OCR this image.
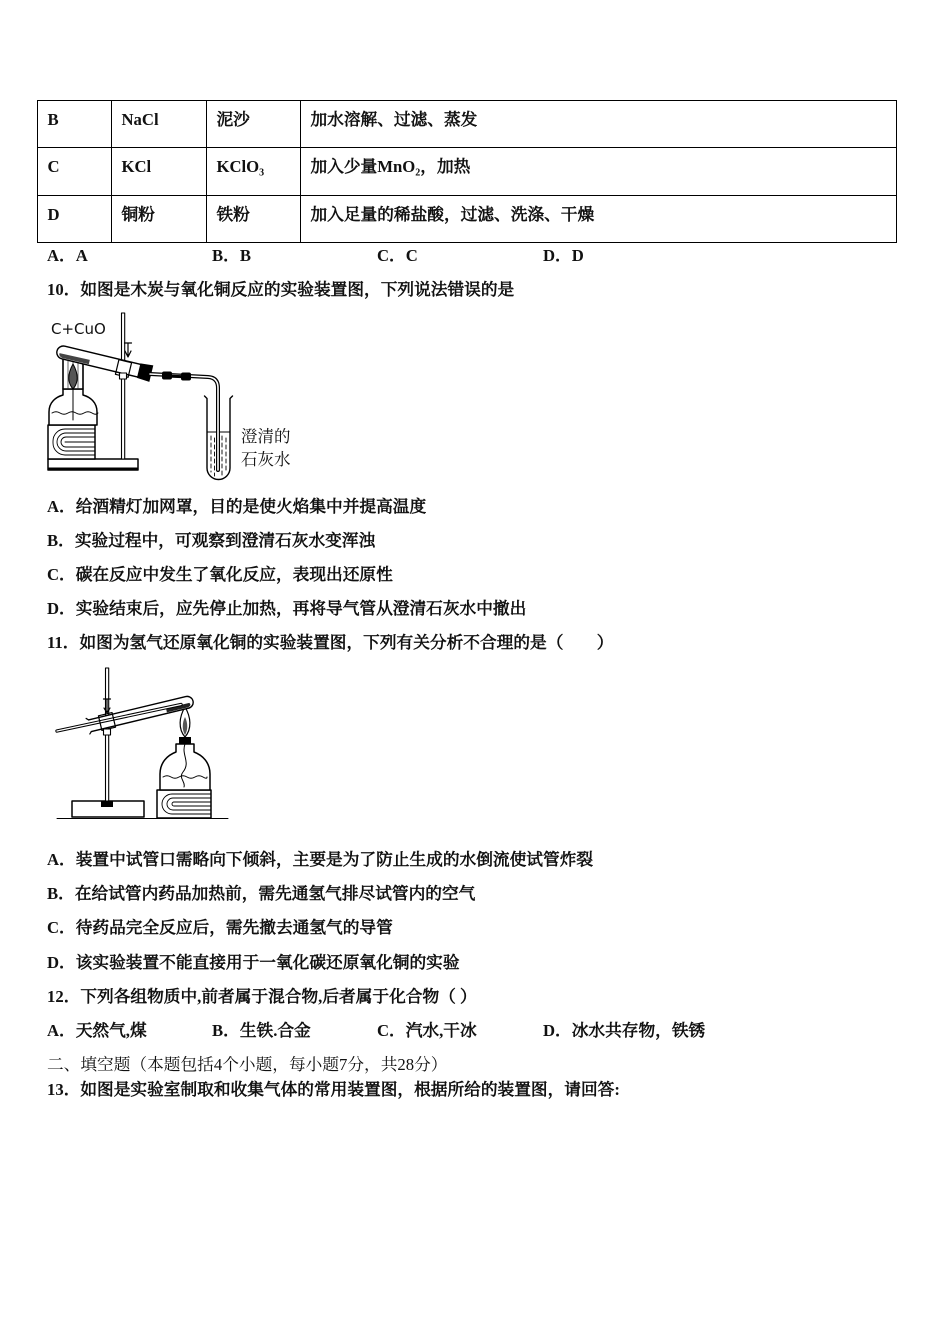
B	NaCl	泥沙	加水溶解、过滤、蒸发
C	KCl	KClO₃	加入少量MnO₂，加热
D	铜粉	铁粉	加入足量的稀盐酸，过滤、洗涤、干燥
A．A	B．B	C．C	D．D
10．如图是木炭与氧化铜反应的实验装置图，下列说法错误的是
C+CuO
澄清的
石灰水
A．给酒精灯加网罩，目的是使火焰集中并提高温度
B．实验过程中，可观察到澄清石灰水变浑浊
C．碳在反应中发生了氧化反应，表现出还原性
D．实验结束后，应先停止加热，再将导气管从澄清石灰水中撤出
11．如图为氢气还原氧化铜的实验装置图，下列有关分析不合理的是（　　）
A．装置中试管口需略向下倾斜，主要是为了防止生成的水倒流使试管炸裂
B．在给试管内药品加热前，需先通氢气排尽试管内的空气
C．待药品完全反应后，需先撤去通氢气的导管
D．该实验装置不能直接用于一氧化碳还原氧化铜的实验
12．下列各组物质中,前者属于混合物,后者属于化合物（ ）
A．天然气,煤	B．生铁.合金	C．汽水,干冰	D．冰水共存物，铁锈
二、填空题（本题包括4个小题，每小题7分，共28分）
13．如图是实验室制取和收集气体的常用装置图，根据所给的装置图，请回答:
